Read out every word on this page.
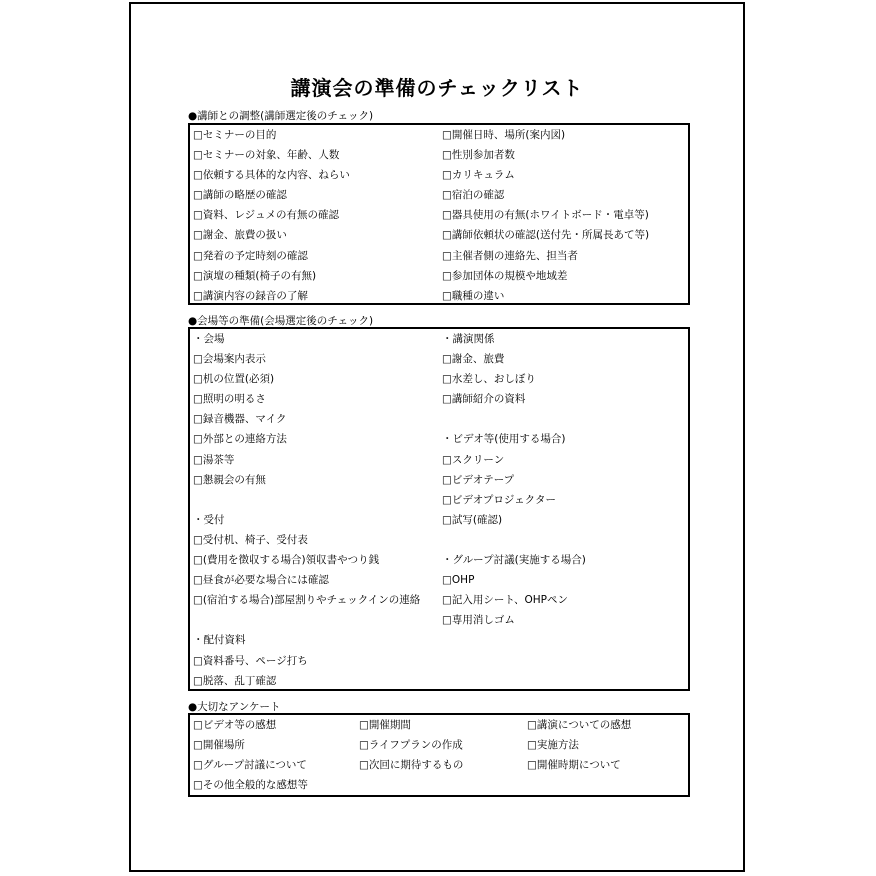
講演会の準備のチェックリスト
●講師との調整(講師選定後のチェック)
□セミナーの目的
□セミナーの対象、年齢、人数
□依頼する具体的な内容、ねらい
□講師の略歴の確認
□資料、レジュメの有無の確認
□謝金、旅費の扱い
□発着の予定時刻の確認
□演壇の種類(椅子の有無)
□講演内容の録音の了解
□開催日時、場所(案内図)
□性別参加者数
□カリキュラム
□宿泊の確認
□器具使用の有無(ホワイトボード・電卓等)
□講師依頼状の確認(送付先・所属長あて等)
□主催者側の連絡先、担当者
□参加団体の規模や地域差
□職種の違い
●会場等の準備(会場選定後のチェック)
・会場
□会場案内表示
□机の位置(必須)
□照明の明るさ
□録音機器、マイク
□外部との連絡方法
□湯茶等
□懇親会の有無
・受付
□受付机、椅子、受付表
□(費用を徴収する場合)領収書やつり銭
□昼食が必要な場合には確認
□(宿泊する場合)部屋割りやチェックインの連絡
・配付資料
□資料番号、ページ打ち
□脱落、乱丁確認
・講演関係
□謝金、旅費
□水差し、おしぼり
□講師紹介の資料
・ビデオ等(使用する場合)
□スクリーン
□ビデオテープ
□ビデオプロジェクター
□試写(確認)
・グループ討議(実施する場合)
□OHP
□記入用シート、OHPペン
□専用消しゴム
●大切なアンケート
□ビデオ等の感想
□開催場所
□グループ討議について
□その他全般的な感想等
□開催期間
□ライフプランの作成
□次回に期待するもの
□講演についての感想
□実施方法
□開催時期について
